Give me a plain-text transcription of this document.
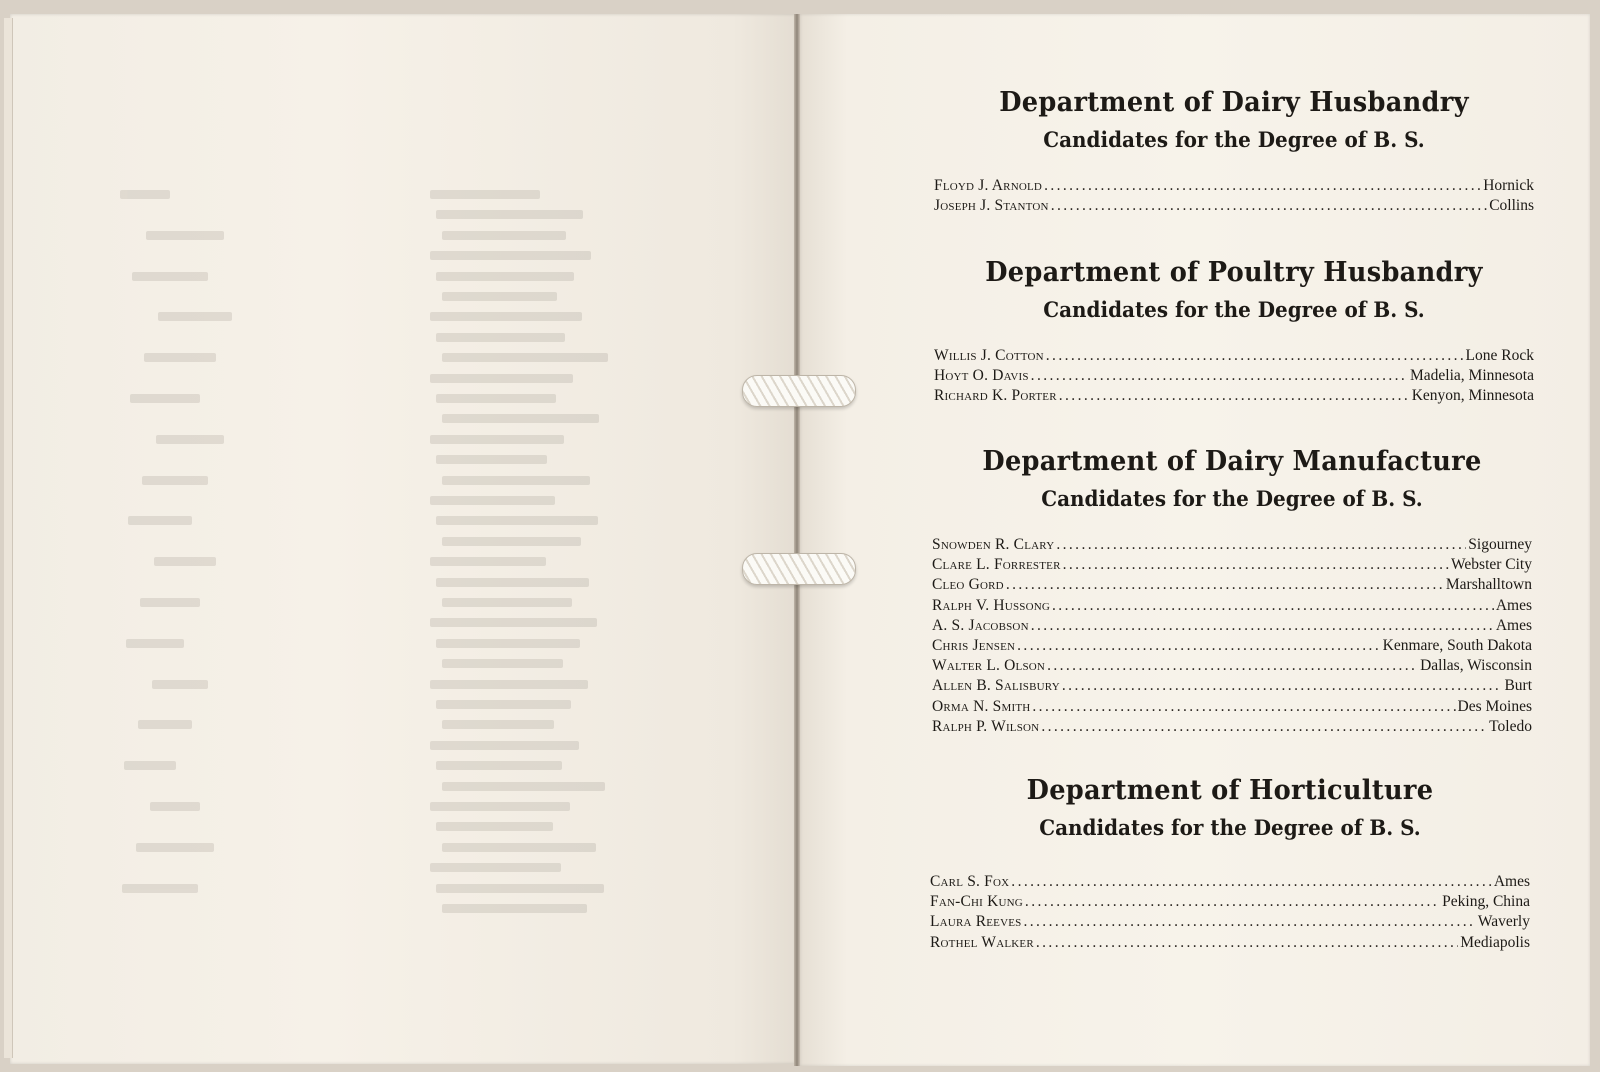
Department of Dairy Husbandry
Candidates for the Degree of B. S.
Floyd J. Arnold .....	Hornick
Joseph J. Stanton .....	Collins
Department of Poultry Husbandry
Candidates for the Degree of B. S.
Willis J. Cotton .....	Lone Rock
Hoyt O. Davis .....	Madelia, Minnesota
Richard K. Porter .....	Kenyon, Minnesota
Department of Dairy Manufacture
Candidates for the Degree of B. S.
Snowden R. Clary .....	Sigourney
Clare L. Forrester .....	Webster City
Cleo Gord .....	Marshalltown
Ralph V. Hussong .....	Ames
A. S. Jacobson .....	Ames
Chris Jensen .....	Kenmare, South Dakota
Walter L. Olson .....	Dallas, Wisconsin
Allen B. Salisbury .....	Burt
Orma N. Smith .....	Des Moines
Ralph P. Wilson .....	Toledo
Department of Horticulture
Candidates for the Degree of B. S.
Carl S. Fox .....	Ames
Fan-Chi Kung .....	Peking, China
Laura Reeves .....	Waverly
Rothel Walker .....	Mediapolis
